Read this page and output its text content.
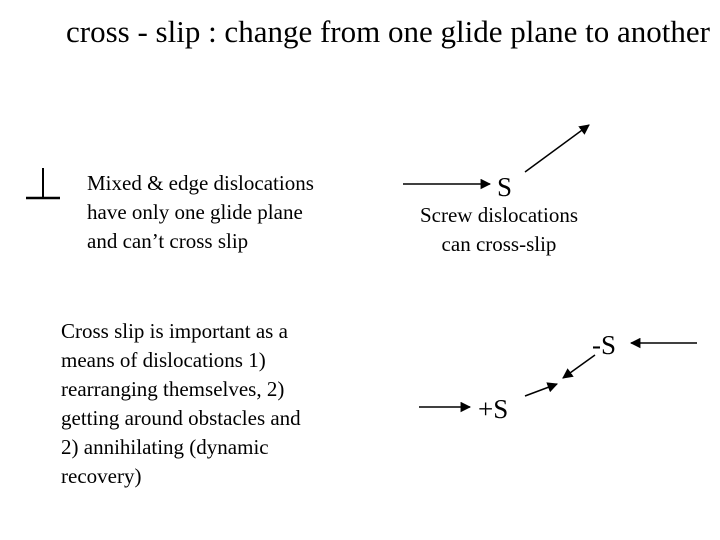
cross - slip : change from one glide plane to another
Mixed & edge dislocations
have only one glide plane
and can’t cross slip
S
Screw dislocations
can cross-slip
Cross slip is important as a
means of dislocations 1)
rearranging themselves, 2)
getting around obstacles and
2) annihilating (dynamic
recovery)
-S
+S
